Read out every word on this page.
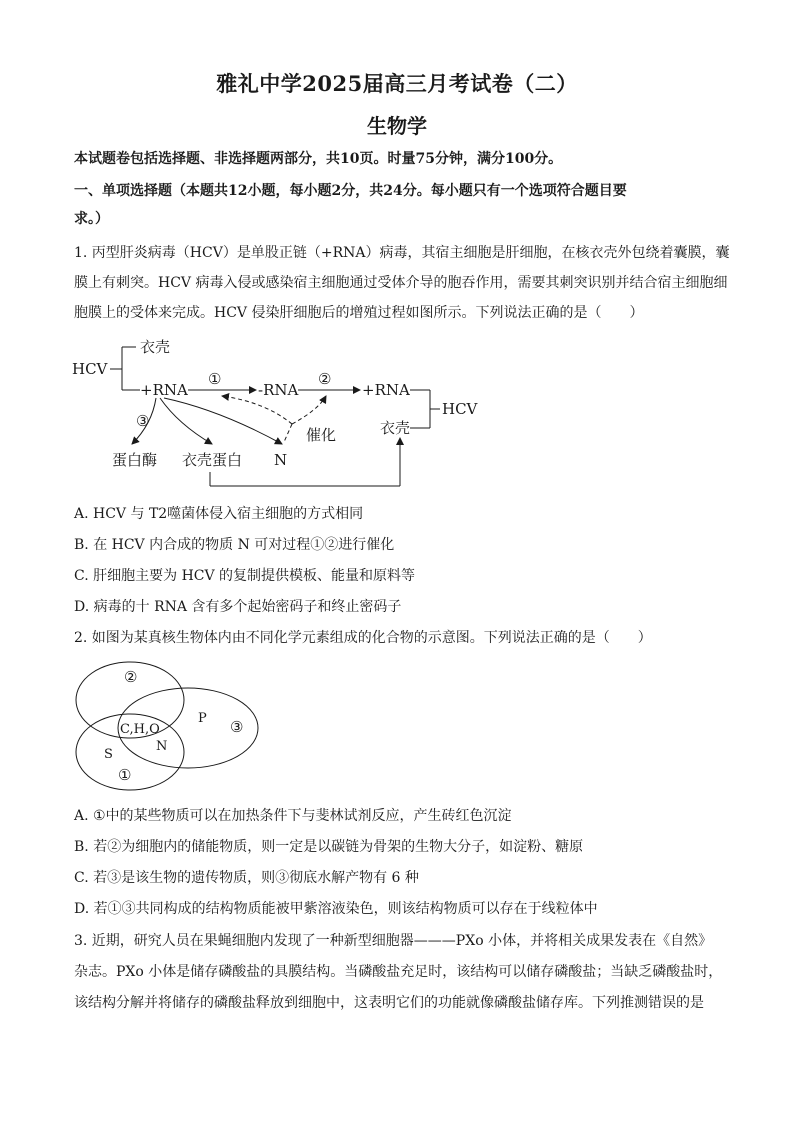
雅礼中学2025届高三月考试卷（二）
生物学
本试题卷包括选择题、非选择题两部分，共10页。时量75分钟，满分100分。
一、单项选择题（本题共12小题，每小题2分，共24分。每小题只有一个选项符合题目要
求。）
1. 丙型肝炎病毒（HCV）是单股正链（+RNA）病毒，其宿主细胞是肝细胞，在核衣壳外包绕着囊膜，囊
膜上有刺突。HCV 病毒入侵或感染宿主细胞通过受体介导的胞吞作用，需要其刺突识别并结合宿主细胞细
胞膜上的受体来完成。HCV 侵染肝细胞后的增殖过程如图所示。下列说法正确的是（　　）
HCV
衣壳
+RNA
①
-RNA
②
+RNA
HCV
衣壳
催化
③
蛋白酶 衣壳蛋白 N
A. HCV 与 T2噬菌体侵入宿主细胞的方式相同
B. 在 HCV 内合成的物质 N 可对过程①②进行催化
C. 肝细胞主要为 HCV 的复制提供模板、能量和原料等
D. 病毒的十 RNA 含有多个起始密码子和终止密码子
2. 如图为某真核生物体内由不同化学元素组成的化合物的示意图。下列说法正确的是（　　）
②
③
①
C,H,O
N
P
S
A. ①中的某些物质可以在加热条件下与斐林试剂反应，产生砖红色沉淀
B. 若②为细胞内的储能物质，则一定是以碳链为骨架的生物大分子，如淀粉、糖原
C. 若③是该生物的遗传物质，则③彻底水解产物有 6 种
D. 若①③共同构成的结构物质能被甲紫溶液染色，则该结构物质可以存在于线粒体中
3. 近期，研究人员在果蝇细胞内发现了一种新型细胞器———PXo 小体，并将相关成果发表在《自然》
杂志。PXo 小体是储存磷酸盐的具膜结构。当磷酸盐充足时，该结构可以储存磷酸盐；当缺乏磷酸盐时，
该结构分解并将储存的磷酸盐释放到细胞中，这表明它们的功能就像磷酸盐储存库。下列推测错误的是
